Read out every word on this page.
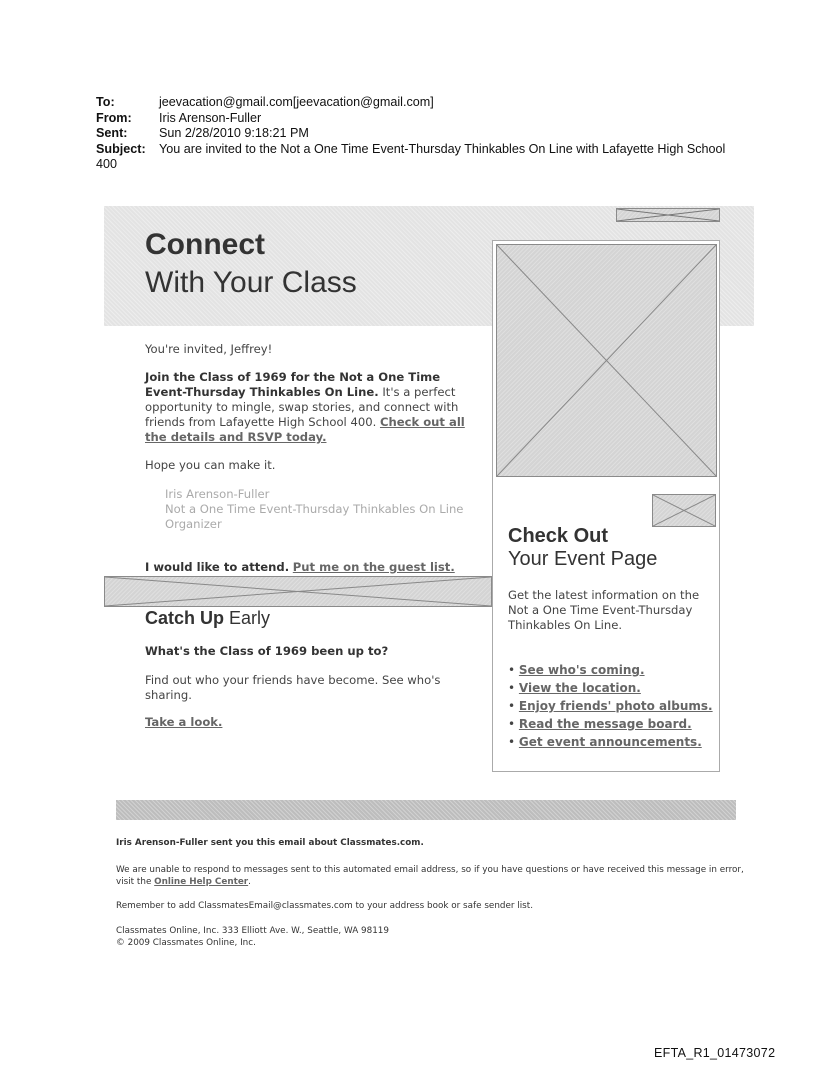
To:	jeevacation@gmail.com[jeevacation@gmail.com]
From:	Iris Arenson-Fuller
Sent:	Sun 2/28/2010 9:18:21 PM
Subject: You are invited to the Not a One Time Event-Thursday Thinkables On Line with Lafayette High School 400
Connect
With Your Class
Check Out
Your Event Page
Get the latest information on the Not a One Time Event-Thursday Thinkables On Line.
• See who's coming.
• View the location.
• Enjoy friends' photo albums.
• Read the message board.
• Get event announcements.
You're invited, Jeffrey!
Join the Class of 1969 for the Not a One Time Event-Thursday Thinkables On Line. It's a perfect opportunity to mingle, swap stories, and connect with friends from Lafayette High School 400. Check out all the details and RSVP today.
Hope you can make it.
Iris Arenson-Fuller
Not a One Time Event-Thursday Thinkables On Line Organizer
I would like to attend. Put me on the guest list.
Catch Up Early
What's the Class of 1969 been up to?
Find out who your friends have become. See who's sharing.
Take a look.
Iris Arenson-Fuller sent you this email about Classmates.com.
We are unable to respond to messages sent to this automated email address, so if you have questions or have received this message in error, visit the Online Help Center.
Remember to add ClassmatesEmail@classmates.com to your address book or safe sender list.
Classmates Online, Inc. 333 Elliott Ave. W., Seattle, WA 98119
© 2009 Classmates Online, Inc.
EFTA_R1_01473072
